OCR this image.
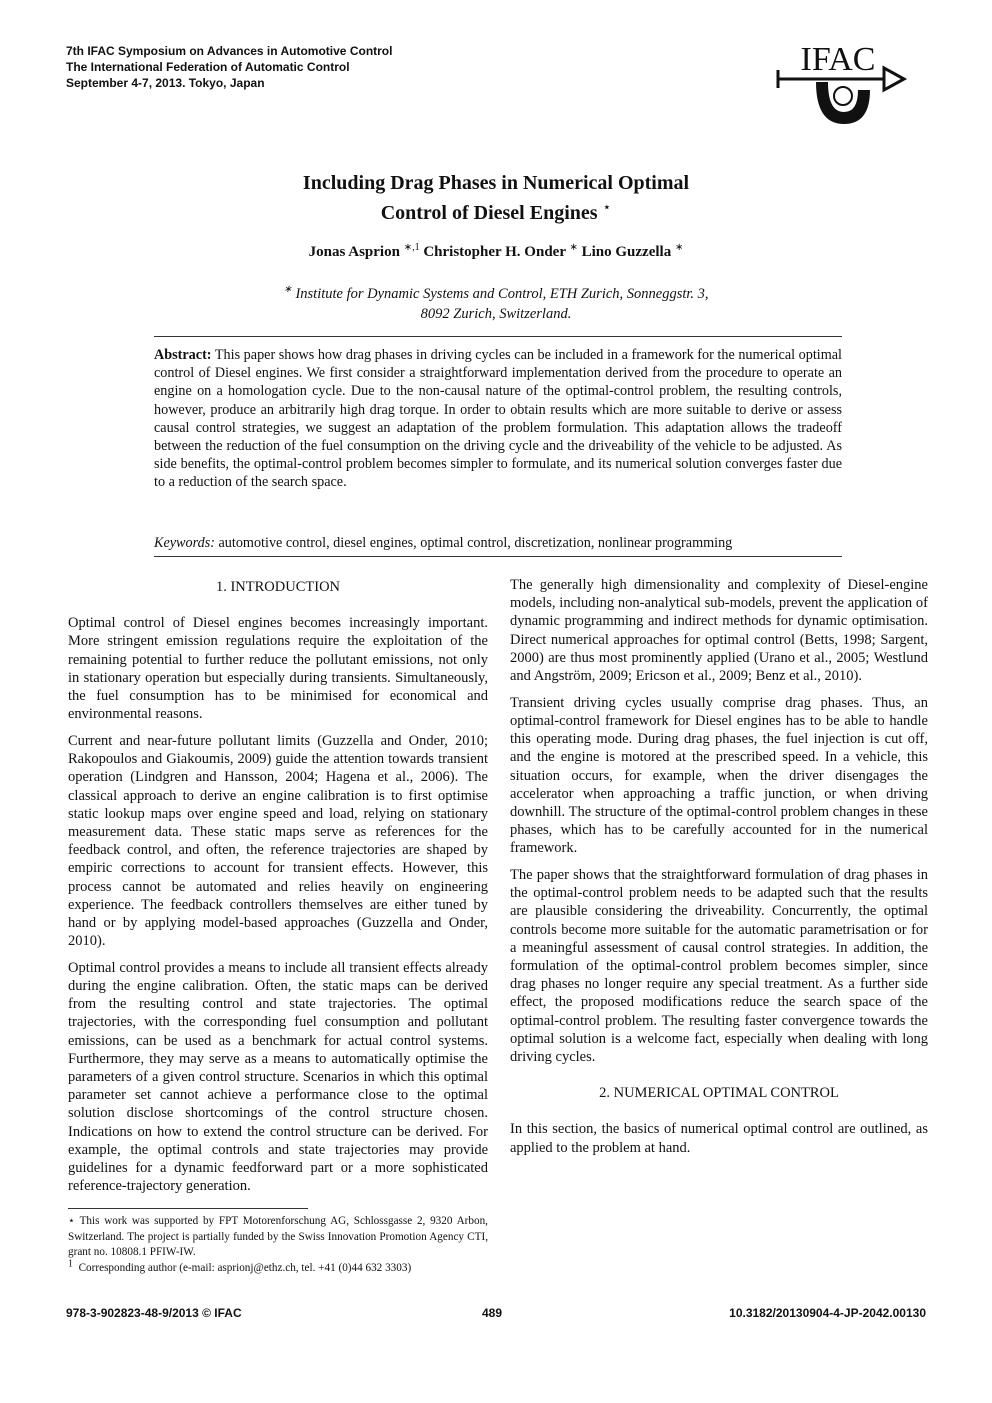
7th IFAC Symposium on Advances in Automotive Control
The International Federation of Automatic Control
September 4-7, 2013. Tokyo, Japan
IFAC
Including Drag Phases in Numerical Optimal
Control of Diesel Engines ⋆
Jonas Asprion $^{∗,1}$ Christopher H. Onder ∗ Lino Guzzella ∗
∗ Institute for Dynamic Systems and Control, ETH Zurich, Sonneggstr. 3,
8092 Zurich, Switzerland.
Abstract: This paper shows how drag phases in driving cycles can be included in a framework for the numerical optimal control of Diesel engines. We first consider a straightforward implementation derived from the procedure to operate an engine on a homologation cycle. Due to the non-causal nature of the optimal-control problem, the resulting controls, however, produce an arbitrarily high drag torque. In order to obtain results which are more suitable to derive or assess causal control strategies, we suggest an adaptation of the problem formulation. This adaptation allows the tradeoff between the reduction of the fuel consumption on the driving cycle and the driveability of the vehicle to be adjusted. As side benefits, the optimal-control problem becomes simpler to formulate, and its numerical solution converges faster due to a reduction of the search space.
Keywords: automotive control, diesel engines, optimal control, discretization, nonlinear programming
1. INTRODUCTION

Optimal control of Diesel engines becomes increasingly important. More stringent emission regulations require the exploitation of the remaining potential to further reduce the pollutant emissions, not only in stationary operation but especially during transients. Simultaneously, the fuel consumption has to be minimised for economical and environmental reasons.

Current and near-future pollutant limits (Guzzella and Onder, 2010; Rakopoulos and Giakoumis, 2009) guide the attention towards transient operation (Lindgren and Hansson, 2004; Hagena et al., 2006). The classical approach to derive an engine calibration is to first optimise static lookup maps over engine speed and load, relying on stationary measurement data. These static maps serve as references for the feedback control, and often, the reference trajectories are shaped by empiric corrections to account for transient effects. However, this process cannot be automated and relies heavily on engineering experience. The feedback controllers themselves are either tuned by hand or by applying model-based approaches (Guzzella and Onder, 2010).

Optimal control provides a means to include all transient effects already during the engine calibration. Often, the static maps can be derived from the resulting control and state trajectories. The optimal trajectories, with the corresponding fuel consumption and pollutant emissions, can be used as a benchmark for actual control systems. Furthermore, they may serve as a means to automatically optimise the parameters of a given control structure. Scenarios in which this optimal parameter set cannot achieve a performance close to the optimal solution disclose shortcomings of the control structure chosen. Indications on how to extend the control structure can be derived. For example, the optimal controls and state trajectories may provide guidelines for a dynamic feedforward part or a more sophisticated reference-trajectory generation.

The generally high dimensionality and complexity of Diesel-engine models, including non-analytical sub-models, prevent the application of dynamic programming and indirect methods for dynamic optimisation. Direct numerical approaches for optimal control (Betts, 1998; Sargent, 2000) are thus most prominently applied (Urano et al., 2005; Westlund and Angström, 2009; Ericson et al., 2009; Benz et al., 2010).

Transient driving cycles usually comprise drag phases. Thus, an optimal-control framework for Diesel engines has to be able to handle this operating mode. During drag phases, the fuel injection is cut off, and the engine is motored at the prescribed speed. In a vehicle, this situation occurs, for example, when the driver disengages the accelerator when approaching a traffic junction, or when driving downhill. The structure of the optimal-control problem changes in these phases, which has to be carefully accounted for in the numerical framework.

The paper shows that the straightforward formulation of drag phases in the optimal-control problem needs to be adapted such that the results are plausible considering the driveability. Concurrently, the optimal controls become more suitable for the automatic parametrisation or for a meaningful assessment of causal control strategies. In addition, the formulation of the optimal-control problem becomes simpler, since drag phases no longer require any special treatment. As a further side effect, the proposed modifications reduce the search space of the optimal-control problem. The resulting faster convergence towards the optimal solution is a welcome fact, especially when dealing with long driving cycles.

2. NUMERICAL OPTIMAL CONTROL

In this section, the basics of numerical optimal control are outlined, as applied to the problem at hand.

⋆ This work was supported by FPT Motorenforschung AG, Schlossgasse 2, 9320 Arbon, Switzerland. The project is partially funded by the Swiss Innovation Promotion Agency CTI, grant no. 10808.1 PFIW-IW.
1 Corresponding author (e-mail: asprionj@ethz.ch, tel. +41 (0)44 632 3303)
978-3-902823-48-9/2013 © IFAC	489	10.3182/20130904-4-JP-2042.00130
